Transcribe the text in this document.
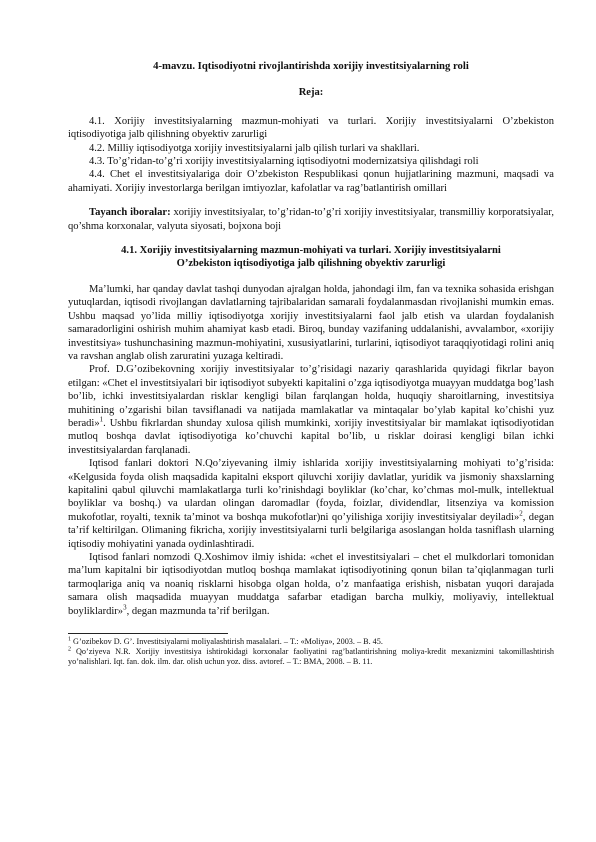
4-mavzu. Iqtisodiyotni rivojlantirishda xorijiy investitsiyalarning roli
Reja:

4.1. Xorijiy investitsiyalarning mazmun-mohiyati va turlari. Xorijiy investitsiyalarni O’zbekiston iqtisodiyotiga jalb qilishning obyektiv zarurligi

4.2. Milliy iqtisodiyotga xorijiy investitsiyalarni jalb qilish turlari va shakllari.

4.3. To’g’ridan-to’g’ri xorijiy investitsiyalarning iqtisodiyotni modernizatsiya qilishdagi roli

4.4. Chet el investitsiyalariga doir O’zbekiston Respublikasi qonun hujjatlarining mazmuni, maqsadi va ahamiyati. Xorijiy investorlarga berilgan imtiyozlar, kafolatlar va rag’batlantirish omillari

Tayanch iboralar: xorijiy investitsiyalar, to’g’ridan-to’g’ri xorijiy investitsiyalar, transmilliy korporatsiyalar, qo’shma korxonalar, valyuta siyosati, bojxona boji

4.1. Xorijiy investitsiyalarning mazmun-mohiyati va turlari. Xorijiy investitsiyalarni
O’zbekiston iqtisodiyotiga jalb qilishning obyektiv zarurligi

Ma’lumki, har qanday davlat tashqi dunyodan ajralgan holda, jahondagi ilm, fan va texnika sohasida erishgan yutuqlardan, iqtisodi rivojlangan davlatlarning tajribalaridan samarali foydalanmasdan rivojlanishi mumkin emas. Ushbu maqsad yo’lida milliy iqtisodiyotga xorijiy investitsiyalarni faol jalb etish va ulardan foydalanish samaradorligini oshirish muhim ahamiyat kasb etadi. Biroq, bunday vazifaning uddalanishi, avvalambor, «xorijiy investitsiya» tushunchasining mazmun-mohiyatini, xususiyatlarini, turlarini, iqtisodiyot taraqqiyotidagi rolini aniq va ravshan anglab olish zaruratini yuzaga keltiradi.

Prof. D.G’ozibekovning xorijiy investitsiyalar to’g’risidagi nazariy qarashlarida quyidagi fikrlar bayon etilgan: «Chet el investitsiyalari bir iqtisodiyot subyekti kapitalini o’zga iqtisodiyotga muayyan muddatga bog’lash bo’lib, ichki investitsiyalardan risklar kengligi bilan farqlangan holda, huquqiy sharoitlarning, investitsiya muhitining o’zgarishi bilan tavsiflanadi va natijada mamlakatlar va mintaqalar bo’ylab kapital ko’chishi yuz beradi»$^1$. Ushbu fikrlardan shunday xulosa qilish mumkinki, xorijiy investitsiyalar bir mamlakat iqtisodiyotidan mutloq boshqa davlat iqtisodiyotiga ko’chuvchi kapital bo’lib, u risklar doirasi kengligi bilan ichki investitsiyalardan farqlanadi.

Iqtisod fanlari doktori N.Qo’ziyevaning ilmiy ishlarida xorijiy investitsiyalarning mohiyati to’g’risida: «Kelgusida foyda olish maqsadida kapitalni eksport qiluvchi xorijiy davlatlar, yuridik va jismoniy shaxslarning kapitalini qabul qiluvchi mamlakatlarga turli ko’rinishdagi boyliklar (ko’char, ko’chmas mol-mulk, intellektual boyliklar va boshq.) va ulardan olingan daromadlar (foyda, foizlar, dividendlar, litsenziya va komission mukofotlar, royalti, texnik ta’minot va boshqa mukofotlar)ni qo’yilishiga xorijiy investitsiyalar deyiladi»$^2$, degan ta’rif keltirilgan. Olimaning fikricha, xorijiy investitsiyalarni turli belgilariga asoslangan holda tasniflash ularning iqtisodiy mohiyatini yanada oydinlashtiradi.

Iqtisod fanlari nomzodi Q.Xoshimov ilmiy ishida: «chet el investitsiyalari – chet el mulkdorlari tomonidan ma’lum kapitalni bir iqtisodiyotdan mutloq boshqa mamlakat iqtisodiyotining qonun bilan ta’qiqlanmagan turli tarmoqlariga aniq va noaniq risklarni hisobga olgan holda, o’z manfaatiga erishish, nisbatan yuqori darajada samara olish maqsadida muayyan muddatga safarbar etadigan barcha mulkiy, moliyaviy, intellektual boyliklardir»$^3$, degan mazmunda ta’rif berilgan.

$^1$ G’ozibekov D. G’. Investitsiyalarni moliyalashtirish masalalari. – T.: «Moliya», 2003. – B. 45.
$^2$ Qo’ziyeva N.R. Xorijiy investitsiya ishtirokidagi korxonalar faoliyatini rag’batlantirishning moliya-kredit mexanizmini takomillashtirish yo’nalishlari. Iqt. fan. dok. ilm. dar. olish uchun yoz. diss. avtoref. – T.: BMA, 2008. – B. 11.
